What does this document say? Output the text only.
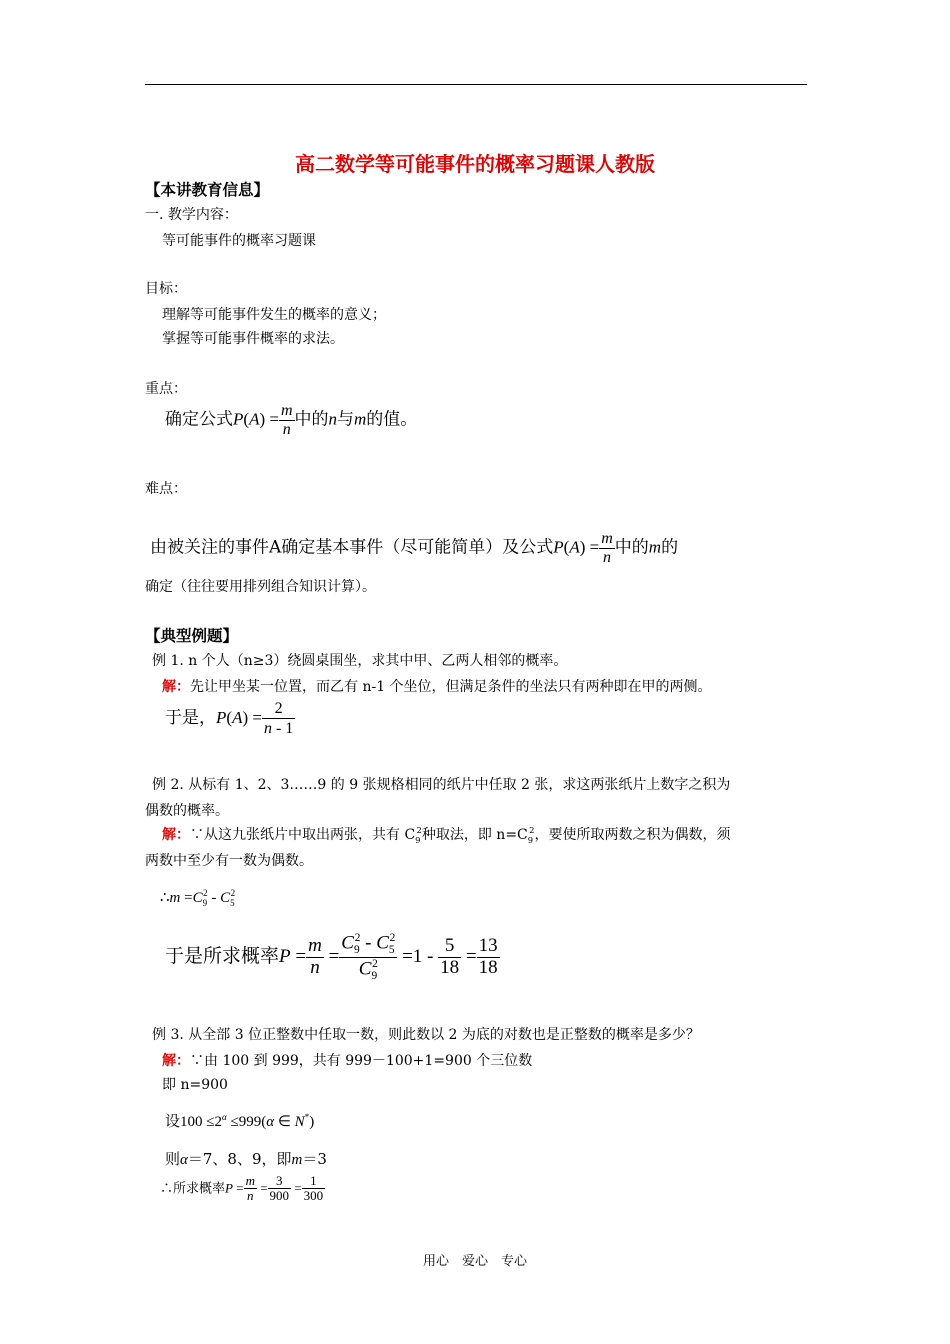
高二数学等可能事件的概率习题课人教版
【本讲教育信息】
一. 教学内容：
等可能事件的概率习题课
目标：
理解等可能事件发生的概率的意义；
掌握等可能事件概率的求法。
重点：
确定公式$P(A) = \frac{m}{n}$ 中的n与m的值。
难点：
由被关注的事件A确定基本事件（尽可能简单）及公式$P(A) = \frac{m}{n}$ 中的m的
确定（往往要用排列组合知识计算）。
【典型例题】
例 1. n 个人（n≥3）绕圆桌围坐，求其中甲、乙两人相邻的概率。
解：先让甲坐某一位置，而乙有 n-1 个坐位，但满足条件的坐法只有两种即在甲的两侧。
于是，$P(A) = \frac{2}{n - 1}$
例 2. 从标有 1、2、3……9 的 9 张规格相同的纸片中任取 2 张，求这两张纸片上数字之积为
偶数的概率。
解：∵从这九张纸片中取出两张，共有 $C_9^2$种取法，即 $n=C_9^2$，要使所取两数之积为偶数，须
两数中至少有一数为偶数。
∴m $=C_9^2 - C_5^2$
于是所求概率$P = \frac{m}{n} = \frac{C_9^2 - C_5^2}{C_9^2} =1 - \frac{5}{18} = \frac{13}{18}$
例 3. 从全部 3 位正整数中任取一数，则此数以 2 为底的对数也是正整数的概率是多少？
解：∵由 100 到 999，共有 999－100+1=900 个三位数
即 n=900
设$100 \le 2^\alpha \le 999(\alpha$ ∈ N*)
则α＝7、8、9，即m＝3
∴所求概率$P = \frac{m}{n} = \frac{3}{900} = \frac{1}{300}$
用心　爱心　专心
